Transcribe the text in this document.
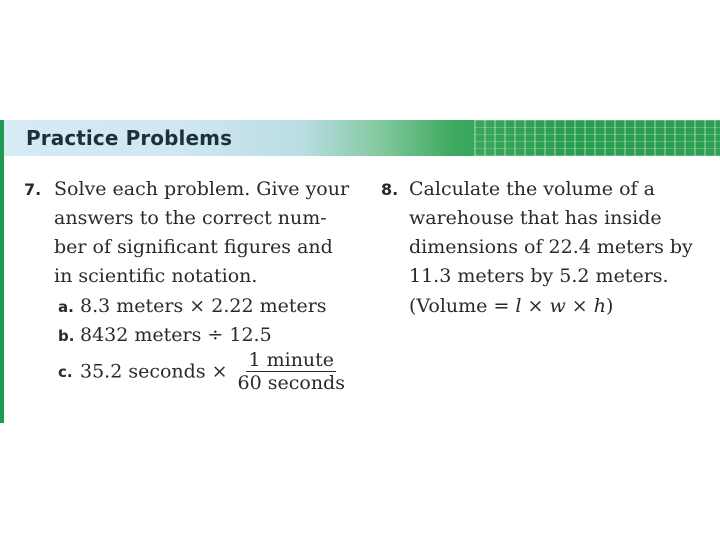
Practice Problems
7. Solve each problem. Give your
answers to the correct num-
ber of significant figures and
in scientific notation.
a. 8.3 meters × 2.22 meters
b. 8432 meters ÷ 12.5
c. 35.2 seconds × $\frac{\text{1 minute}}{\text{60 seconds}}$
8. Calculate the volume of a
warehouse that has inside
dimensions of 22.4 meters by
11.3 meters by 5.2 meters.
(Volume = l × w × h)
